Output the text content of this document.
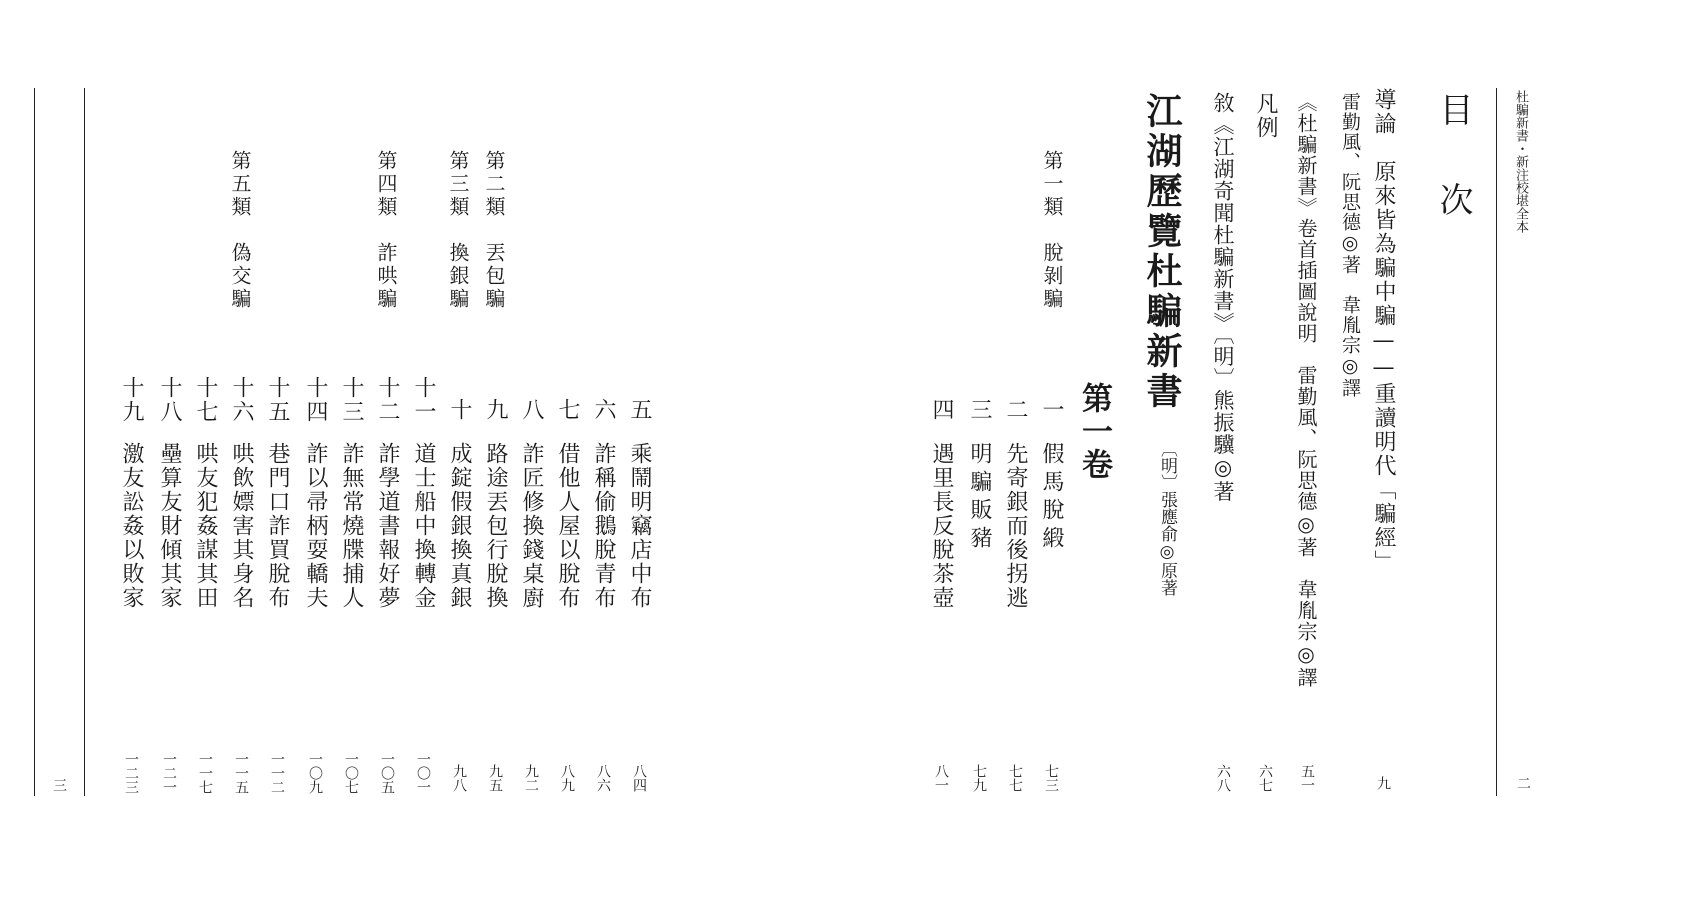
杜騙新書・新注校堪全本
二
目 次
導論　原來皆為騙中騙——重讀明代「騙經」
九
雷勤風、阮思德◎著　韋胤宗◎譯
《杜騙新書》卷首插圖說明　雷勤風、阮思德◎著　韋胤宗◎譯
五一
凡例
六七
敘《江湖奇聞杜騙新書》〔明〕熊振驥◎著
六八
江湖歷覽杜騙新書
〔明〕張應俞◎原著
第一卷
第一類　脫剝騙
一
假馬脫緞
七三
二
先寄銀而後拐逃
七七
三
明騙販豬
七九
四
遇里長反脫茶壺
八一
三
第二類　丟包騙
第三類　換銀騙
第四類　詐哄騙
第五類　偽交騙
五
乘鬧明竊店中布
八四
六
詐稱偷鵝脫青布
八六
七
借他人屋以脫布
八九
八
詐匠修換錢桌廚
九二
九
路途丟包行脫換
九五
十
成錠假銀換真銀
九八
十一
道士船中換轉金
一〇一
十二
詐學道書報好夢
一〇五
十三
詐無常燒牒捕人
一〇七
十四
詐以帚柄耍轎夫
一〇九
十五
巷門口詐買脫布
一一二
十六
哄飲嫖害其身名
一一五
十七
哄友犯姦謀其田
一一七
十八
壘算友財傾其家
一二一
十九
激友訟姦以敗家
一二三
